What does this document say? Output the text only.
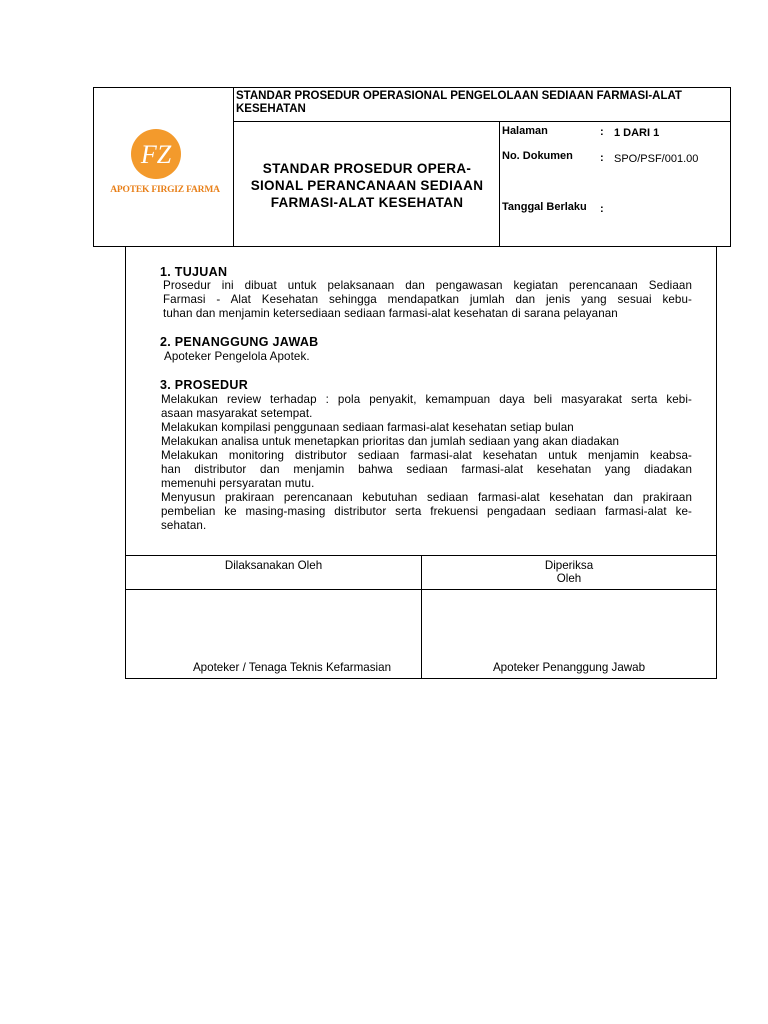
FZ
APOTEK FIRGIZ FARMA
STANDAR PROSEDUR OPERASIONAL PENGELOLAAN SEDIAAN FARMASI-ALAT
KESEHATAN
STANDAR PROSEDUR OPERA-
SIONAL PERANCANAAN SEDIAAN
FARMASI-ALAT KESEHATAN
Halaman	: 1 DARI 1
No. Dokumen : SPO/PSF/001.00
Tanggal Berlaku :
1. TUJUAN
Prosedur ini dibuat untuk pelaksanaan dan pengawasan kegiatan perencanaan Sediaan
Farmasi - Alat Kesehatan sehingga mendapatkan jumlah dan jenis yang sesuai kebu-
tuhan dan menjamin ketersediaan sediaan farmasi-alat kesehatan di sarana pelayanan
2. PENANGGUNG JAWAB
Apoteker Pengelola Apotek.
3. PROSEDUR
Melakukan review terhadap : pola penyakit, kemampuan daya beli masyarakat serta kebi-
asaan masyarakat setempat.
Melakukan kompilasi penggunaan sediaan farmasi-alat kesehatan setiap bulan
Melakukan analisa untuk menetapkan prioritas dan jumlah sediaan yang akan diadakan
Melakukan monitoring distributor sediaan farmasi-alat kesehatan untuk menjamin keabsa-
han distributor dan menjamin bahwa sediaan farmasi-alat kesehatan yang diadakan
memenuhi persyaratan mutu.
Menyusun prakiraan perencanaan kebutuhan sediaan farmasi-alat kesehatan dan prakiraan
pembelian ke masing-masing distributor serta frekuensi pengadaan sediaan farmasi-alat ke-
sehatan.
Dilaksanakan Oleh	Diperiksa
Oleh
Apoteker / Tenaga Teknis Kefarmasian	Apoteker Penanggung Jawab
